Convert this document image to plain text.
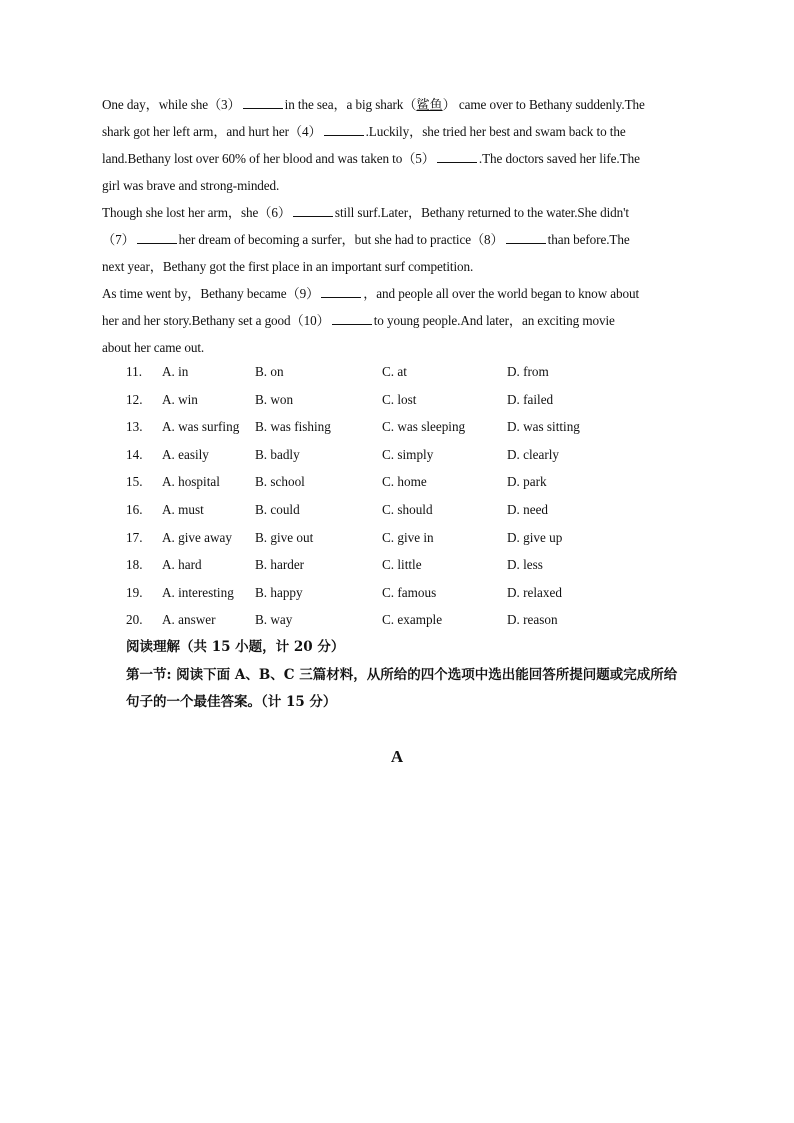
One day，while she（3）	in the sea，a big shark（鲨鱼） came over to Bethany suddenly.The

shark got her left arm，and hurt her（4）	.Luckily，she tried her best and swam back to the

land.Bethany lost over 60% of her blood and was taken to（5）	.The doctors saved her life.The

girl was brave and strong-minded.

Though she lost her arm，she（6）	still surf.Later，Bethany returned to the water.She didn't

（7）	her dream of becoming a surfer，but she had to practice（8）	than before.The

next year，Bethany got the first place in an important surf competition.

As time went by，Bethany became（9）	，and people all over the world began to know about

her and her story.Bethany set a good（10）	to young people.And later，an exciting movie

about her came out.

11. A. in	B. on	C. at	D. from
12. A. win	B. won	C. lost	D. failed
13. A. was surfing B. was fishing	C. was sleeping	D. was sitting
14. A. easily	B. badly	C. simply	D. clearly
15. A. hospital	B. school	C. home	D. park
16. A. must	B. could	C. should	D. need
17. A. give away B. give out	C. give in	D. give up
18. A. hard	B. harder	C. little	D. less
19. A. interesting B. happy	C. famous	D. relaxed
20. A. answer	B. way	C. example	D. reason
阅读理解（共 15 小题，计 20 分）

第一节: 阅读下面 A、B、C 三篇材料，从所给的四个选项中选出能回答所提问题或完成所给

句子的一个最佳答案。（计 15 分）

A
